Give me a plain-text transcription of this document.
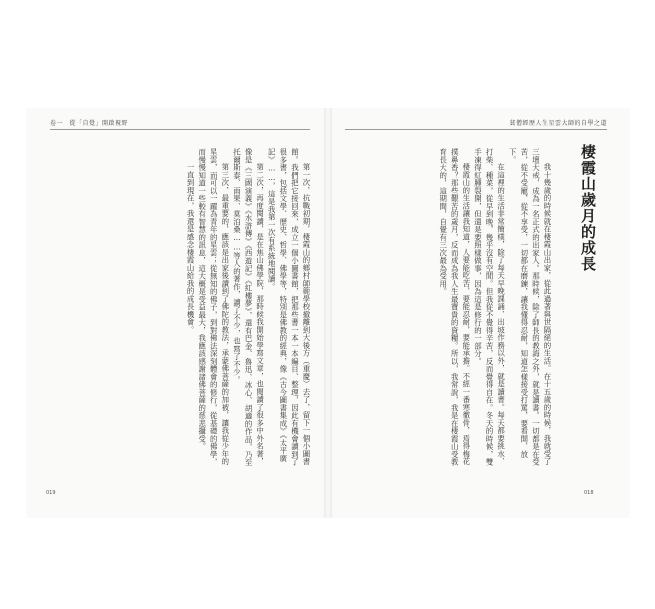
卷一　從「自覺」開啟視野	貧僧經歷人生星雲大師的自學之道
棲霞山歲月的成長

我十幾歲的時候就在棲霞山出家，從此過著與世隔絕的生活。在十五歲的時候，我就受了三壇大戒，成為一名正式的出家人。那時候，除了師長的教誨之外，就是讀書。一切都是在受苦，從不受寵，從不享受，一切都在磨鍊，讓我懂得忍耐，知道怎樣接受打罵，要看開、放下。

在這裡的生活非常簡樸，除了每天早晚課誦、出坡作務以外，就是讀書。每天都要挑水、打柴、種菜，從早到晚，幾乎沒有空閒。但我從不覺得辛苦，反而覺得自在。冬天的時候，雙手凍得紅腫裂開，但還是要照樣做事，因為這是修行的一部分。

棲霞山的生活讓我知道，人要能吃苦，要能忍耐，要能承擔。不經一番寒徹骨，焉得梅花撲鼻香？那些艱苦的歲月，反而成為我人生最寶貴的資糧。所以，我常說，我是在棲霞山受教育長大的，這期間，自覺有三次最為受用。

第一次，抗戰初期，棲霞山的鄉村師範學校撤離到大後方（重慶）去了，留下一個小圖書館。我們把它接回來，成立一個小圖書館，把那些書一本一本編目、整理，因此有機會讀到了很多書，包括文學、歷史、哲學、佛學等，特別是佛教的經典，像《古今圖書集成》《太平廣記》……，這是我第一次有系統地閱讀。

第二次，再度閱讀，是在焦山佛學院，那時候我開始學寫文章，也閱讀了很多中外名著，像是《三國演義》《水滸傳》《西遊記》《紅樓夢》，還有巴金、魯迅、冰心、胡適的作品，乃至托爾斯泰、雨果、莫泊桑……等人的著作，讀了不少，也寫了不少。

第三次，最重要的，應該是出家後讀到了佛陀的教法，承蒙佛菩薩的加被，讓我從少年的星雲，而可以一躍為青年的星雲；從無知的佛子，到對佛法深刻體會的修行，從基礎的佛學，而慢慢知道一些較有智慧的訊息，這大概是受益最大，我應該感謝諸佛菩薩的慈悲攝受。

一直到現在，我還是感念棲霞山給我的成長機會。

019	018
